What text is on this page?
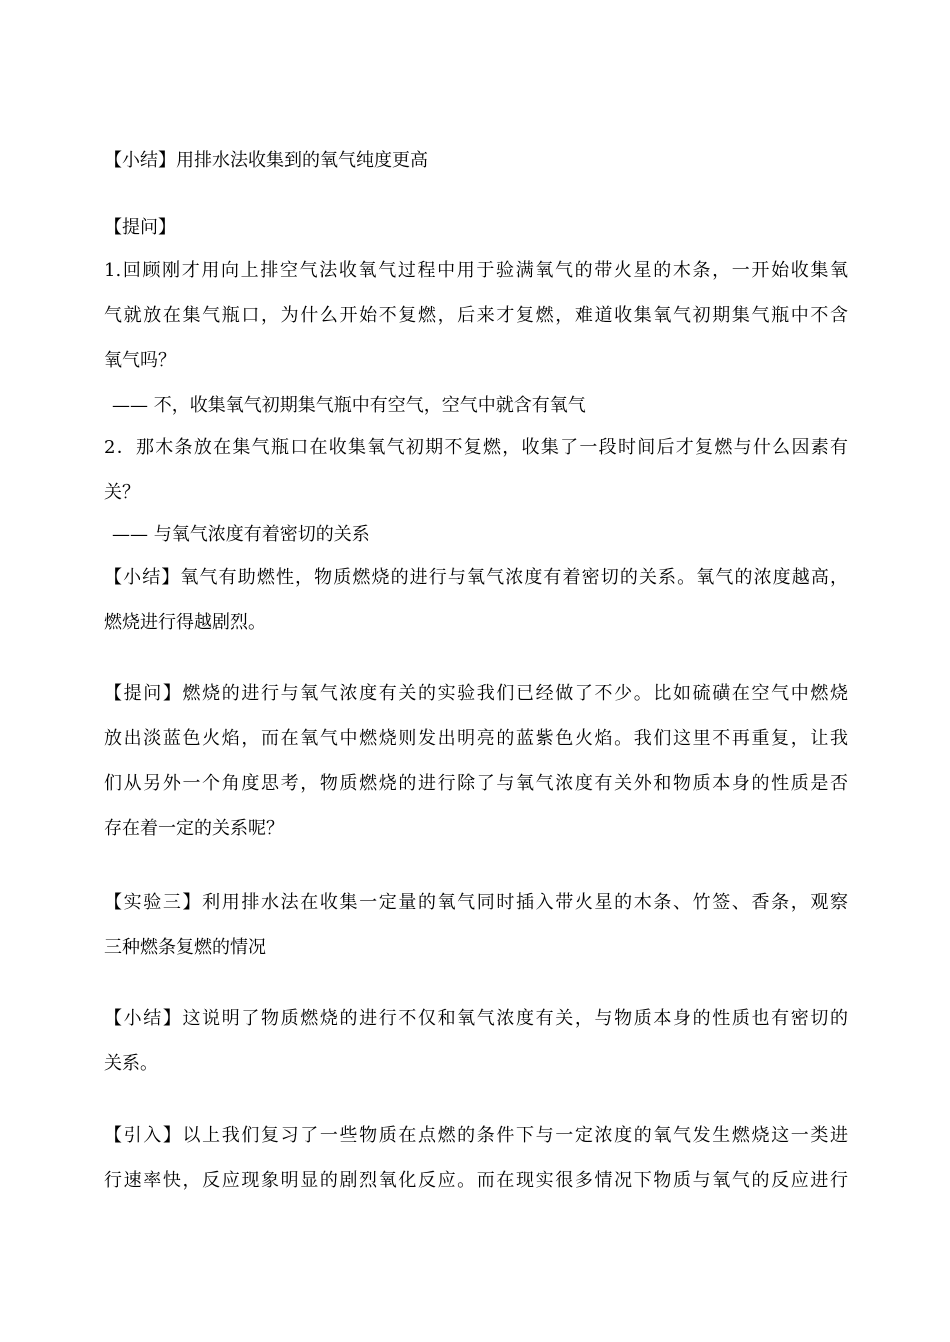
【小结】用排水法收集到的氧气纯度更高
【提问】
1.回顾刚才用向上排空气法收氧气过程中用于验满氧气的带火星的木条，一开始收集氧
气就放在集气瓶口，为什么开始不复燃，后来才复燃，难道收集氧气初期集气瓶中不含
氧气吗？
—— 不，收集氧气初期集气瓶中有空气，空气中就含有氧气
2．那木条放在集气瓶口在收集氧气初期不复燃，收集了一段时间后才复燃与什么因素有
关？
—— 与氧气浓度有着密切的关系
【小结】氧气有助燃性，物质燃烧的进行与氧气浓度有着密切的关系。氧气的浓度越高，
燃烧进行得越剧烈。
【提问】燃烧的进行与氧气浓度有关的实验我们已经做了不少。比如硫磺在空气中燃烧
放出淡蓝色火焰，而在氧气中燃烧则发出明亮的蓝紫色火焰。我们这里不再重复，让我
们从另外一个角度思考，物质燃烧的进行除了与氧气浓度有关外和物质本身的性质是否
存在着一定的关系呢？
【实验三】利用排水法在收集一定量的氧气同时插入带火星的木条、竹签、香条，观察
三种燃条复燃的情况
【小结】这说明了物质燃烧的进行不仅和氧气浓度有关，与物质本身的性质也有密切的
关系。
【引入】以上我们复习了一些物质在点燃的条件下与一定浓度的氧气发生燃烧这一类进
行速率快，反应现象明显的剧烈氧化反应。而在现实很多情况下物质与氧气的反应进行
